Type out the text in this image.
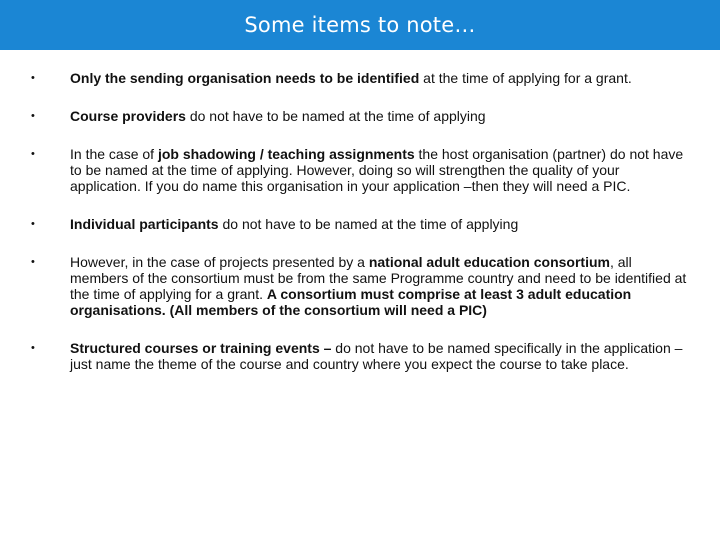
Some items to note…
•	Only the sending organisation needs to be identified at the time of applying for a grant.
•	Course providers do not have to be named at the time of applying
•	In the case of job shadowing / teaching assignments the host organisation (partner) do not have to be named at the time of applying. However, doing so will strengthen the quality of your application. If you do name this organisation in your application –then they will need a PIC.
•	Individual participants do not have to be named at the time of applying
•	However, in the case of projects presented by a national adult education consortium, all members of the consortium must be from the same Programme country and need to be identified at the time of applying for a grant. A consortium must comprise at least 3 adult education organisations. (All members of the consortium will need a PIC)
•	Structured courses or training events – do not have to be named specifically in the application – just name the theme of the course and country where you expect the course to take place.
